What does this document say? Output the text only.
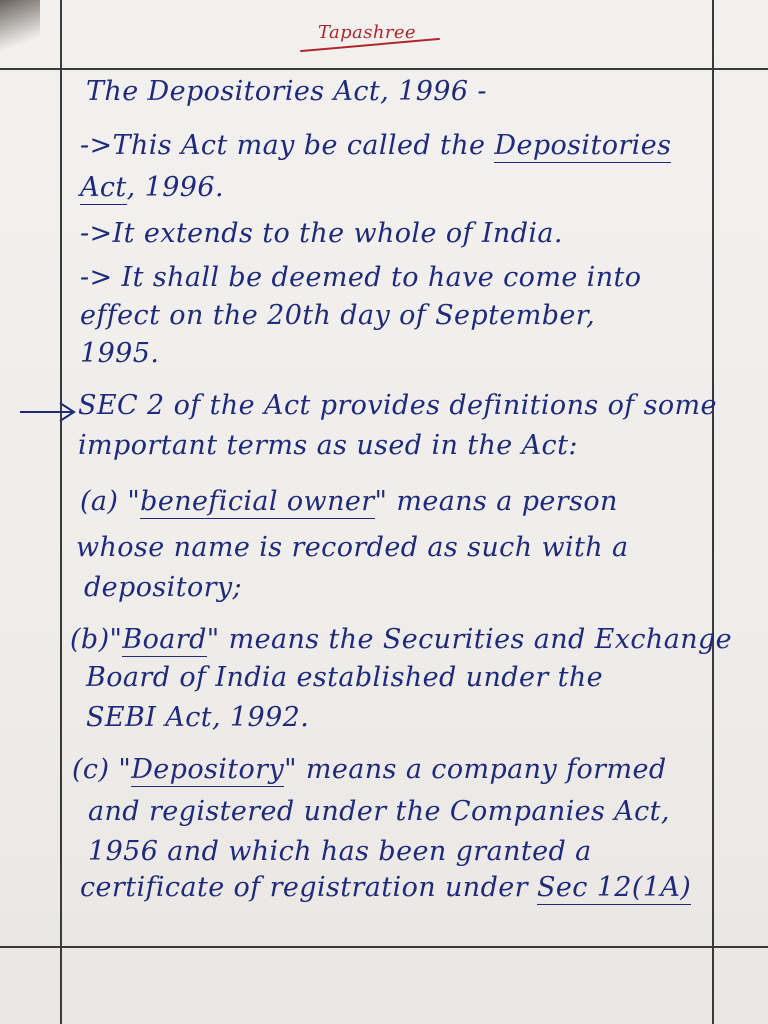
Tapashree

The Depositories Act, 1996 -

->This Act may be called the Depositories

Act, 1996.

->It extends to the whole of India.

-> It shall be deemed to have come into

effect on the 20th day of September,

1995.

SEC 2 of the Act provides definitions of some

important terms as used in the Act:

(a) "beneficial owner" means a person

whose name is recorded as such with a

depository;

(b)"Board" means the Securities and Exchange

Board of India established under the

SEBI Act, 1992.

(c) "Depository" means a company formed

and registered under the Companies Act,

1956 and which has been granted a

certificate of registration under Sec 12(1A)
